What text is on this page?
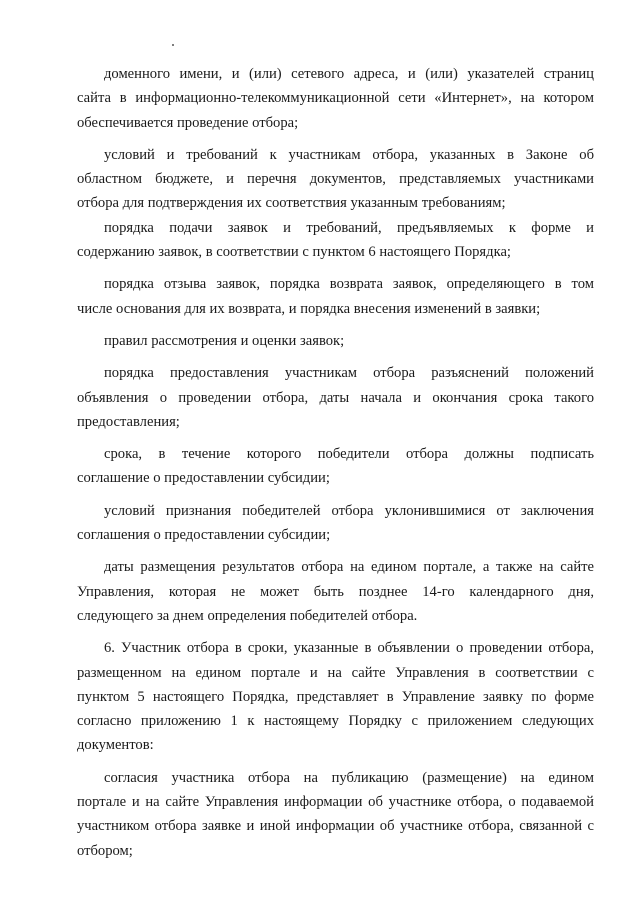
доменного имени, и (или) сетевого адреса, и (или) указателей страниц
сайта в информационно-телекоммуникационной сети «Интернет», на котором
обеспечивается проведение отбора;
условий и требований к участникам отбора, указанных в Законе об
областном бюджете, и перечня документов, представляемых участниками
отбора для подтверждения их соответствия указанным требованиям;
порядка подачи заявок и требований, предъявляемых к форме и
содержанию заявок, в соответствии с пунктом 6 настоящего Порядка;
порядка отзыва заявок, порядка возврата заявок, определяющего в том
числе основания для их возврата, и порядка внесения изменений в заявки;
правил рассмотрения и оценки заявок;
порядка предоставления участникам отбора разъяснений положений
объявления о проведении отбора, даты начала и окончания срока такого
предоставления;
срока, в течение которого победители отбора должны подписать
соглашение о предоставлении субсидии;
условий признания победителей отбора уклонившимися от заключения
соглашения о предоставлении субсидии;
даты размещения результатов отбора на едином портале, а также на сайте
Управления, которая не может быть позднее 14-го календарного дня,
следующего за днем определения победителей отбора.
6. Участник отбора в сроки, указанные в объявлении о проведении отбора,
размещенном на едином портале и на сайте Управления в соответствии с
пунктом 5 настоящего Порядка, представляет в Управление заявку по форме
согласно приложению 1 к настоящему Порядку с приложением следующих
документов:
согласия участника отбора на публикацию (размещение) на едином
портале и на сайте Управления информации об участнике отбора, о подаваемой
участником отбора заявке и иной информации об участнике отбора, связанной с
отбором;
